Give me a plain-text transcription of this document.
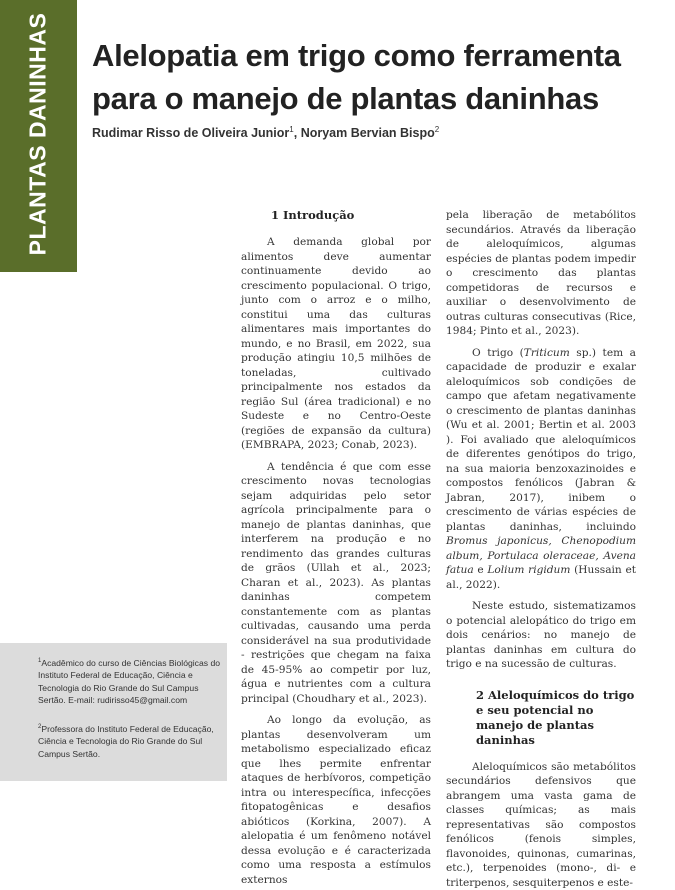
PLANTAS DANINHAS Alelopatia em trigo como ferramenta para o manejo de plantas daninhas
Rudimar Risso de Oliveira Junior$^1$, Noryam Bervian Bispo$^2$
1 Introdução

A demanda global por alimentos deve aumentar continuamente devido ao crescimento populacional. O trigo, junto com o arroz e o milho, constitui uma das culturas alimentares mais importantes do mundo, e no Brasil, em 2022, sua produção atingiu 10,5 milhões de toneladas, cultivado principalmente nos estados da região Sul (área tradicional) e no Sudeste e no Centro-Oeste (regiões de expansão da cultura) (EMBRAPA, 2023; Conab, 2023).

A tendência é que com esse crescimento novas tecnologias sejam adquiridas pelo setor agrícola principalmente para o manejo de plantas daninhas, que interferem na produção e no rendimento das grandes culturas de grãos (Ullah et al., 2023; Charan et al., 2023). As plantas daninhas competem constantemente com as plantas cultivadas, causando uma perda considerável na sua produtividade - restrições que chegam na faixa de 45-95% ao competir por luz, água e nutrientes com a cultura principal (Choudhary et al., 2023).

Ao longo da evolução, as plantas desenvolveram um metabolismo especializado eficaz que lhes permite enfrentar ataques de herbívoros, competição intra ou interespecífica, infecções fitopatogênicas e desafios abióticos (Korkina, 2007). A alelopatia é um fenômeno notável dessa evolução e é caracterizada como uma resposta a estímulos externos

pela liberação de metabólitos secundários. Através da liberação de aleloquímicos, algumas espécies de plantas podem impedir o crescimento das plantas competidoras de recursos e auxiliar o desenvolvimento de outras culturas consecutivas (Rice, 1984; Pinto et al., 2023).

O trigo (Triticum sp.) tem a capacidade de produzir e exalar aleloquímicos sob condições de campo que afetam negativamente o crescimento de plantas daninhas (Wu et al. 2001; Bertin et al. 2003 ). Foi avaliado que aleloquímicos de diferentes genótipos do trigo, na sua maioria benzoxazinoides e compostos fenólicos (Jabran & Jabran, 2017), inibem o crescimento de várias espécies de plantas daninhas, incluindo Bromus japonicus, Chenopodium album, Portulaca oleraceae, Avena fatua e Lolium rigidum (Hussain et al., 2022).

Neste estudo, sistematizamos o potencial alelopático do trigo em dois cenários: no manejo de plantas daninhas em cultura do trigo e na sucessão de culturas.

2 Aleloquímicos do trigo e seu potencial no manejo de plantas daninhas

Aleloquímicos são metabólitos secundários defensivos que abrangem uma vasta gama de classes químicas; as mais representativas são compostos fenólicos (fenois simples, flavonoides, quinonas, cumarinas, etc.), terpenoides (mono-, di- e triterpenos, sesquiterpenos e este-

$^1$Acadêmico do curso de Ciências Biológicas do Instituto Federal de Educação, Ciência e Tecnologia do Rio Grande do Sul Campus Sertão. E-mail: rudirisso45@gmail.com
$^2$Professora do Instituto Federal de Educação, Ciência e Tecnologia do Rio Grande do Sul Campus Sertão.
